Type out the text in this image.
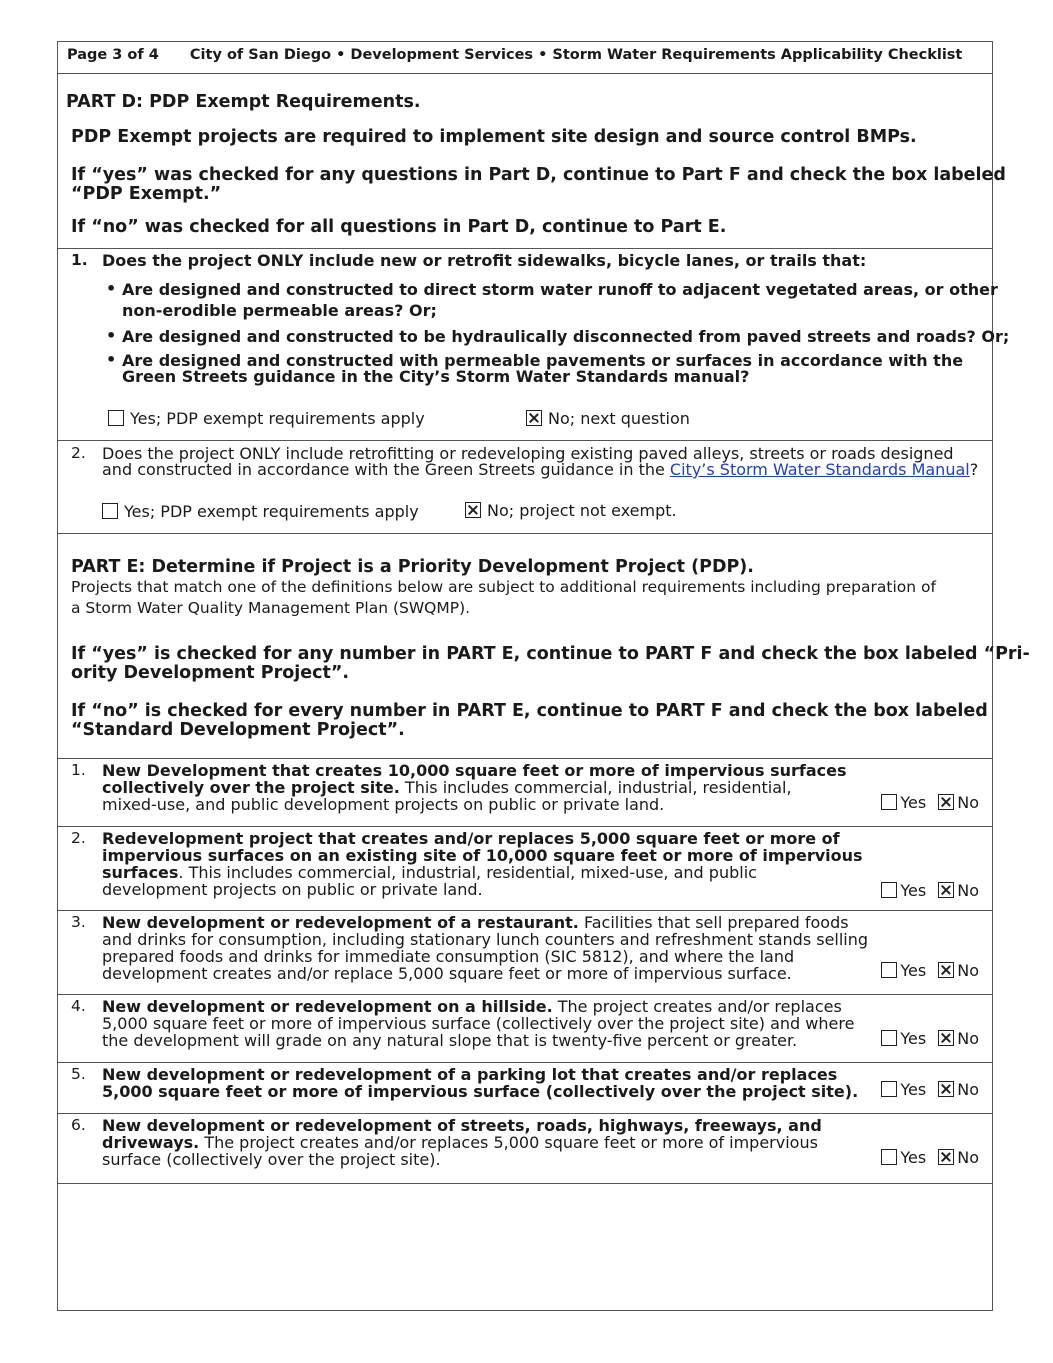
Page 3 of 4 City of San Diego • Development Services • Storm Water Requirements Applicability Checklist
PART D: PDP Exempt Requirements.
PDP Exempt projects are required to implement site design and source control BMPs.
If “yes” was checked for any questions in Part D, continue to Part F and check the box labeled
“PDP Exempt.”
If “no” was checked for all questions in Part D, continue to Part E.
1. Does the project ONLY include new or retrofit sidewalks, bicycle lanes, or trails that:
• Are designed and constructed to direct storm water runoff to adjacent vegetated areas, or other
non-erodible permeable areas? Or;
• Are designed and constructed to be hydraulically disconnected from paved streets and roads? Or;
• Are designed and constructed with permeable pavements or surfaces in accordance with the
Green Streets guidance in the City’s Storm Water Standards manual?
Yes; PDP exempt requirements apply	No; next question
2. Does the project ONLY include retrofitting or redeveloping existing paved alleys, streets or roads designed
and constructed in accordance with the Green Streets guidance in the City’s Storm Water Standards Manual?
Yes; PDP exempt requirements apply	No; project not exempt.
PART E: Determine if Project is a Priority Development Project (PDP).
Projects that match one of the definitions below are subject to additional requirements including preparation of
a Storm Water Quality Management Plan (SWQMP).
If “yes” is checked for any number in PART E, continue to PART F and check the box labeled “Pri-
ority Development Project”.
If “no” is checked for every number in PART E, continue to PART F and check the box labeled
“Standard Development Project”.
1. New Development that creates 10,000 square feet or more of impervious surfaces
collectively over the project site. This includes commercial, industrial, residential,
mixed-use, and public development projects on public or private land.	Yes No
2. Redevelopment project that creates and/or replaces 5,000 square feet or more of
impervious surfaces on an existing site of 10,000 square feet or more of impervious
surfaces. This includes commercial, industrial, residential, mixed-use, and public
development projects on public or private land.	Yes No
3. New development or redevelopment of a restaurant. Facilities that sell prepared foods
and drinks for consumption, including stationary lunch counters and refreshment stands selling
prepared foods and drinks for immediate consumption (SIC 5812), and where the land
development creates and/or replace 5,000 square feet or more of impervious surface.	Yes No
4. New development or redevelopment on a hillside. The project creates and/or replaces
5,000 square feet or more of impervious surface (collectively over the project site) and where
the development will grade on any natural slope that is twenty-five percent or greater.	Yes No
5. New development or redevelopment of a parking lot that creates and/or replaces
5,000 square feet or more of impervious surface (collectively over the project site).	Yes No
6. New development or redevelopment of streets, roads, highways, freeways, and
driveways. The project creates and/or replaces 5,000 square feet or more of impervious
surface (collectively over the project site).	Yes No
